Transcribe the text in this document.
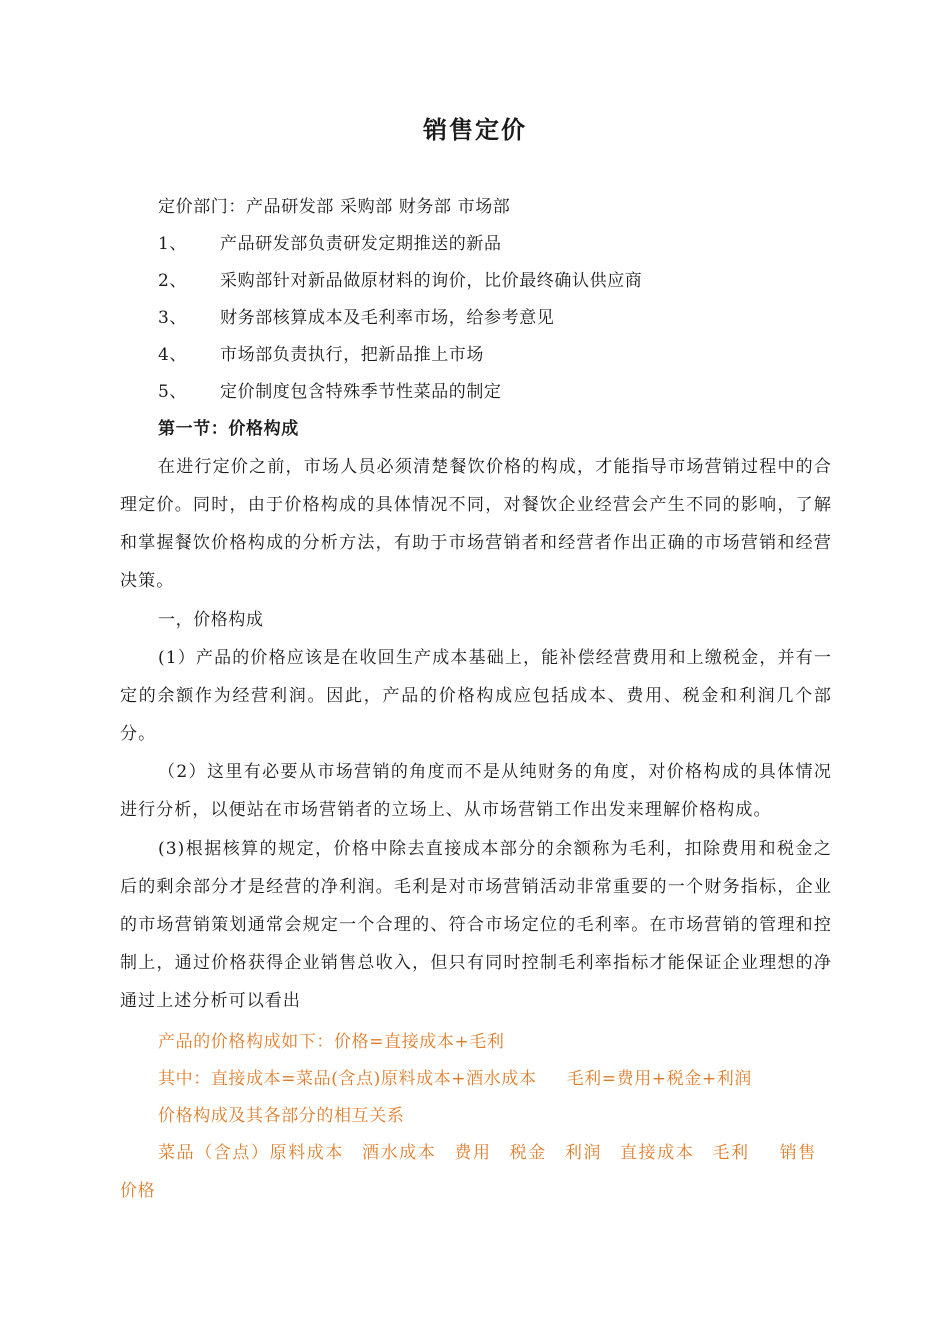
销售定价
定价部门：产品研发部 采购部 财务部 市场部
1、 产品研发部负责研发定期推送的新品
2、 采购部针对新品做原材料的询价，比价最终确认供应商
3、 财务部核算成本及毛利率市场，给参考意见
4、 市场部负责执行，把新品推上市场
5、 定价制度包含特殊季节性菜品的制定
第一节：价格构成
在进行定价之前，市场人员必须清楚餐饮价格的构成，才能指导市场营销过程中的合理定价。同时，由于价格构成的具体情况不同，对餐饮企业经营会产生不同的影响，了解和掌握餐饮价格构成的分析方法，有助于市场营销者和经营者作出正确的市场营销和经营决策。
一，价格构成
(1）产品的价格应该是在收回生产成本基础上，能补偿经营费用和上缴税金，并有一定的余额作为经营利润。因此，产品的价格构成应包括成本、费用、税金和利润几个部分。
（2）这里有必要从市场营销的角度而不是从纯财务的角度，对价格构成的具体情况进行分析，以便站在市场营销者的立场上、从市场营销工作出发来理解价格构成。
(3)根据核算的规定，价格中除去直接成本部分的余额称为毛利，扣除费用和税金之后的剩余部分才是经营的净利润。毛利是对市场营销活动非常重要的一个财务指标，企业的市场营销策划通常会规定一个合理的、符合市场定位的毛利率。在市场营销的管理和控制上，通过价格获得企业销售总收入，但只有同时控制毛利率指标才能保证企业理想的净通过上述分析可以看出
产品的价格构成如下：价格=直接成本+毛利
其中：直接成本=菜品(含点)原料成本+酒水成本 毛利=费用+税金+利润
价格构成及其各部分的相互关系
菜品（含点）原料成本 酒水成本 费用 税金 利润 直接成本 毛利 销售
价格
